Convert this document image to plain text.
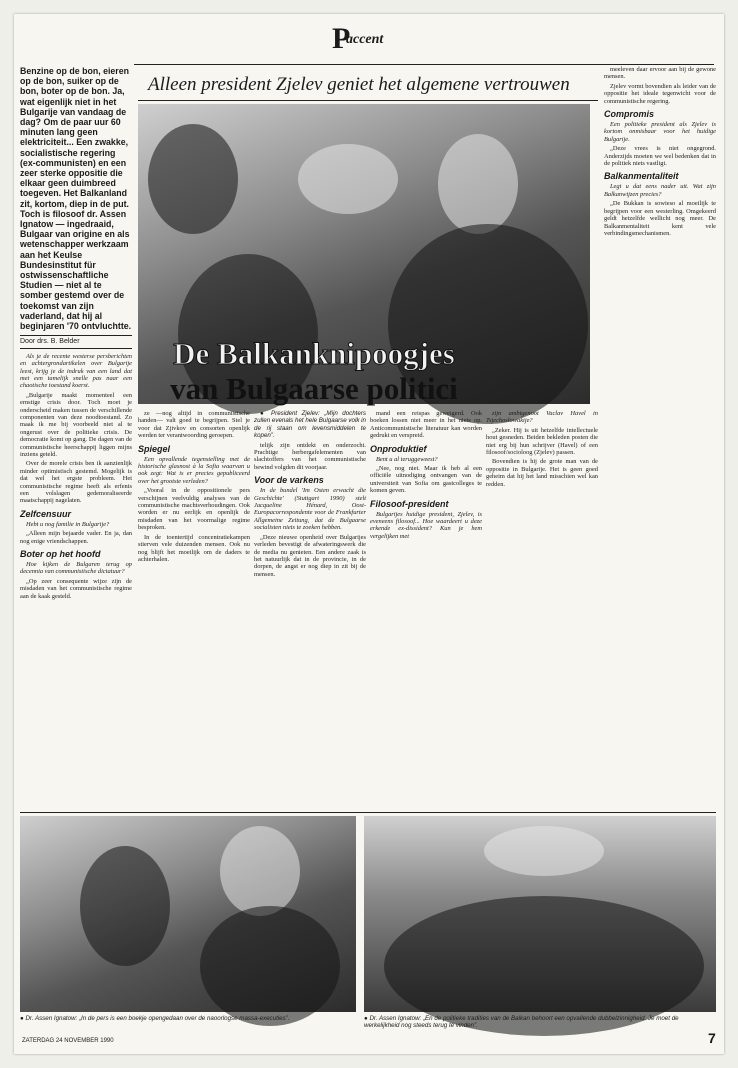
P
accent
Benzine op de bon, eieren op de bon, suiker op de bon, boter op de bon. Ja, wat eigenlijk niet in het Bulgarije van vandaag de dag? Om de paar uur 60 minuten lang geen elektriciteit... Een zwakke, socialistische regering (ex-communisten) en een zeer sterke oppositie die elkaar geen duimbreed toegeven. Het Balkanland zit, kortom, diep in de put. Toch is filosoof dr. Assen Ignatow — ingedraaid, Bulgaar van origine en als wetenschapper werkzaam aan het Keulse Bundesinstitut für ostwissenschaftliche Studien — niet al te somber gestemd over de toekomst van zijn vaderland, dat hij al beginjaren '70 ontvluchtte.
Door drs. B. Belder

Als je de recente westerse persberichten en achtergrondartikelen over Bulgarije leest, krijg je de indruk van een land dat met een tamelijk snelle pas naar een chaotische toestand koerst.

„Bulgarije maakt momenteel een ernstige crisis door. Toch moet je onderscheid maken tussen de verschillende componenten van deze noodtoestand. Zo maak ik me bij voorbeeld niet al te ongerust over de politieke crisis. De democratie komt op gang. De dagen van de communistische heerschappij liggen mijns inziens geteld.

Over de morele crisis ben ik aanzienlijk minder optimistisch gestemd. Mogelijk is dat wel het ergste probleem. Het communistische regime heeft als erfenis een volslagen gedemoraliseerde maatschappij nagelaten.

Zelfcensuur

Hebt u nog familie in Bulgarije?

„Alleen mijn bejaarde vader. En ja, dan nog enige vriendschappen.

Boter op het hoofd

Hoe kijken de Bulgaren terug op decennia van communistische dictatuur?

„Op zeer consequente wijze zijn de misdaden van het communistische regime aan de kaak gesteld.

Alleen president Zjelev geniet het algemene vertrouwen
De Balkanknipoogjes
van Bulgaarse politici

ze —nog altijd in communistische handen— valt goed te begrijpen. Stel je voor dat Zjivkov en consorten openlijk werden ter verantwoording geroepen.

Spiegel

Een opvallende tegenstelling met de historische glasnost à la Sofia waarvan u ook zegt: Wat is er precies gepubliceerd over het grootste verleden?

„Vooral in de oppositionele pers verschijnen veelvuldig analyses van de communistische machtsverhoudingen. Ook worden er nu eerlijk en openlijk de misdaden van het voormalige regime besproken.

In de toentertijd concentratiekampen stierven vele duizenden mensen. Ook nu nog blijft het moeilijk om de daders te achterhalen.

● President Zjelev: „Mijn dochters zullen evenals het hele Bulgaarse volk in de rij staan om levensmiddelen te kopen”.

telijk zijn ontdekt en onderzocht. Prachtige herbergafelementen van slachtoffers van het communistische bewind volgden dit voorjaar.

Voor de varkens

In de bundel 'Im Osten erwacht die Geschichte' (Stuttgart 1990) stelt Jacqueline Hénard, Oost-Europacorrespondente voor de Frankfurter Allgemeine Zeitung, dat de Bulgaarse socialisten niets te zoeken hebben.

„Deze nieuwe openheid over Bulgarijes verleden bevestigt de afwateringswerk die de media nu genieten. Een andere zaak is het natuurlijk dat in de provincie, in de dorpen, de angst er nog diep in zit bij de mensen.

mand een reispas geweigerd. Ook boeken lossen niet meer in het niets op. Anticommunistische literatuur kan worden gedrukt en verspreid.

Onproduktief

Bent u al teruggeweest?

„Nee, nog niet. Maar ik heb al een officiële uitnodiging ontvangen van de universiteit van Sofia om gastcolleges te komen geven.

Filosoof-president

Bulgarijes huidige president, Zjelev, is eveneens filosoof... Hoe waardeert u deze erkende ex-dissident? Kun je hem vergelijken met

zijn ambtgenoot Vaclav Havel in Tsjechoslowakije?

„Zeker. Hij is uit hetzelfde intellectuele hout gesneden. Beiden bekleden posten die niet erg bij hun schrijver (Havel) of een filosoof/socioloog (Zjelev) passen.

Bovendien is hij de grote man van de oppositie in Bulgarije. Het is geen goed geheim dat hij het land misschien wel kan redden.

meeleven daar ervoor aan bij de gewone mensen.

Zjelev vormt bovendien als leider van de oppositie het ideale tegenwicht voor de communistische regering.

Compromis

Een politieke president als Zjelev is kortom onmisbaar voor het huidige Bulgarije.

„Deze vrees is niet ongegrond. Anderzijds moeten we wel bedenken dat in de politiek niets vastligt.

Balkanmentaliteit

Legt u dat eens nader uit. Wat zijn Balkanwijzen precies?

„De Bukkan is sowieso al moeilijk te begrijpen voor een westerling. Omgekeerd geldt hetzelfde wellicht nog meer. De Balkanmentaliteit kent vele verbindingsmechanismen.

● Dr. Assen Ignatow: „In de pers is een boekje opengedaan over de naoorlogse massa-executies”.	● Dr. Assen Ignatow: „En de politieke tradities van de Balkan behoort een opvallende dubbelzinnigheid. Je moet de werkelijkheid nog steeds terug te vinden”.
ZATERDAG 24 NOVEMBER 1990	7
